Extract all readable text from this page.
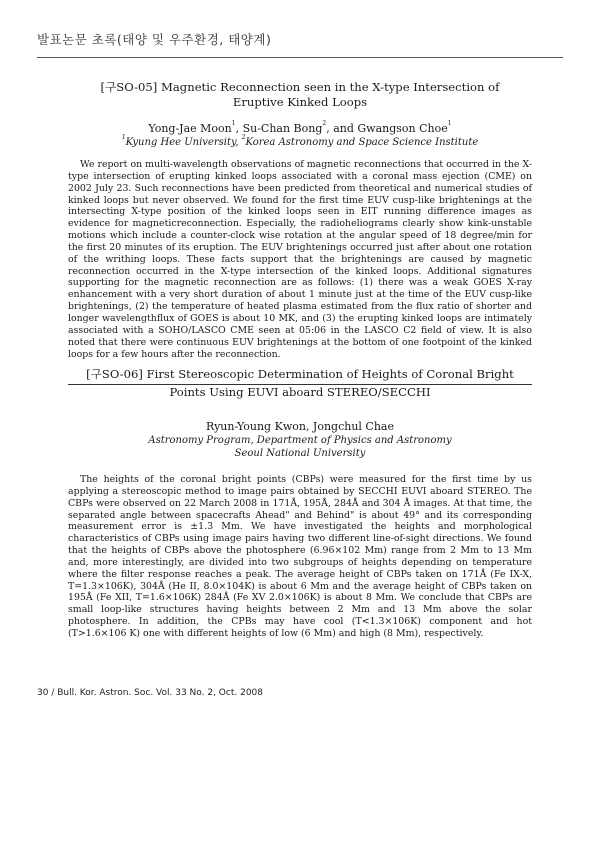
발표논문 초록(태양 및 우주환경, 태양계)

[구SO-05] Magnetic Reconnection seen in the X-type Intersection of

Eruptive Kinked Loops

Yong-Jae Moon$^1$, Su-Chan Bong$^2$, and Gwangson Choe$^1$

$^1$Kyung Hee University, $^2$Korea Astronomy and Space Science Institute

We report on multi-wavelength observations of magnetic reconnections that occurred in the X-type intersection of erupting kinked loops associated with a coronal mass ejection (CME) on 2002 July 23. Such reconnections have been predicted from theoretical and numerical studies of kinked loops but never observed. We found for the first time EUV cusp-like brightenings at the intersecting X-type position of the kinked loops seen in EIT running difference images as evidence for magneticreconnection. Especially, the radioheliograms clearly show kink-unstable motions which include a counter-clock wise rotation at the angular speed of 18 degree/min for the first 20 minutes of its eruption. The EUV brightenings occurred just after about one rotation of the writhing loops. These facts support that the brightenings are caused by magnetic reconnection occurred in the X-type intersection of the kinked loops. Additional signatures supporting for the magnetic reconnection are as follows: (1) there was a weak GOES X-ray enhancement with a very short duration of about 1 minute just at the time of the EUV cusp-like brightenings, (2) the temperature of heated plasma estimated from the flux ratio of shorter and longer wavelengthflux of GOES is about 10 MK, and (3) the erupting kinked loops are intimately associated with a SOHO/LASCO CME seen at 05:06 in the LASCO C2 field of view. It is also noted that there were continuous EUV brightenings at the bottom of one footpoint of the kinked loops for a few hours after the reconnection.

[구SO-06] First Stereoscopic Determination of Heights of Coronal Bright

Points Using EUVI aboard STEREO/SECCHI

Ryun-Young Kwon, Jongchul Chae

Astronomy Program, Department of Physics and Astronomy

Seoul National University

The heights of the coronal bright points (CBPs) were measured for the first time by us applying a stereoscopic method to image pairs obtained by SECCHI EUVI aboard STEREO. The CBPs were observed on 22 March 2008 in 171Å, 195Å, 284Å and 304 Å images. At that time, the separated angle between spacecrafts Ahead" and Behind" is about 49° and its corresponding measurement error is ±1.3 Mm. We have investigated the heights and morphological characteristics of CBPs using image pairs having two different line-of-sight directions. We found that the heights of CBPs above the photosphere (6.96×102 Mm) range from 2 Mm to 13 Mm and, more interestingly, are divided into two subgroups of heights depending on temperature where the filter response reaches a peak. The average height of CBPs taken on 171Å (Fe IX-X, T=1.3×106K), 304Å (He II, 8.0×104K) is about 6 Mm and the average height of CBPs taken on 195Å (Fe XII, T=1.6×106K) 284Å (Fe XV 2.0×106K) is about 8 Mm. We conclude that CBPs are small loop-like structures having heights between 2 Mm and 13 Mm above the solar photosphere. In addition, the CPBs may have cool (T<1.3×106K) component and hot (T>1.6×106 K) one with different heights of low (6 Mm) and high (8 Mm), respectively.

30 / Bull. Kor. Astron. Soc. Vol. 33 No. 2, Oct. 2008
